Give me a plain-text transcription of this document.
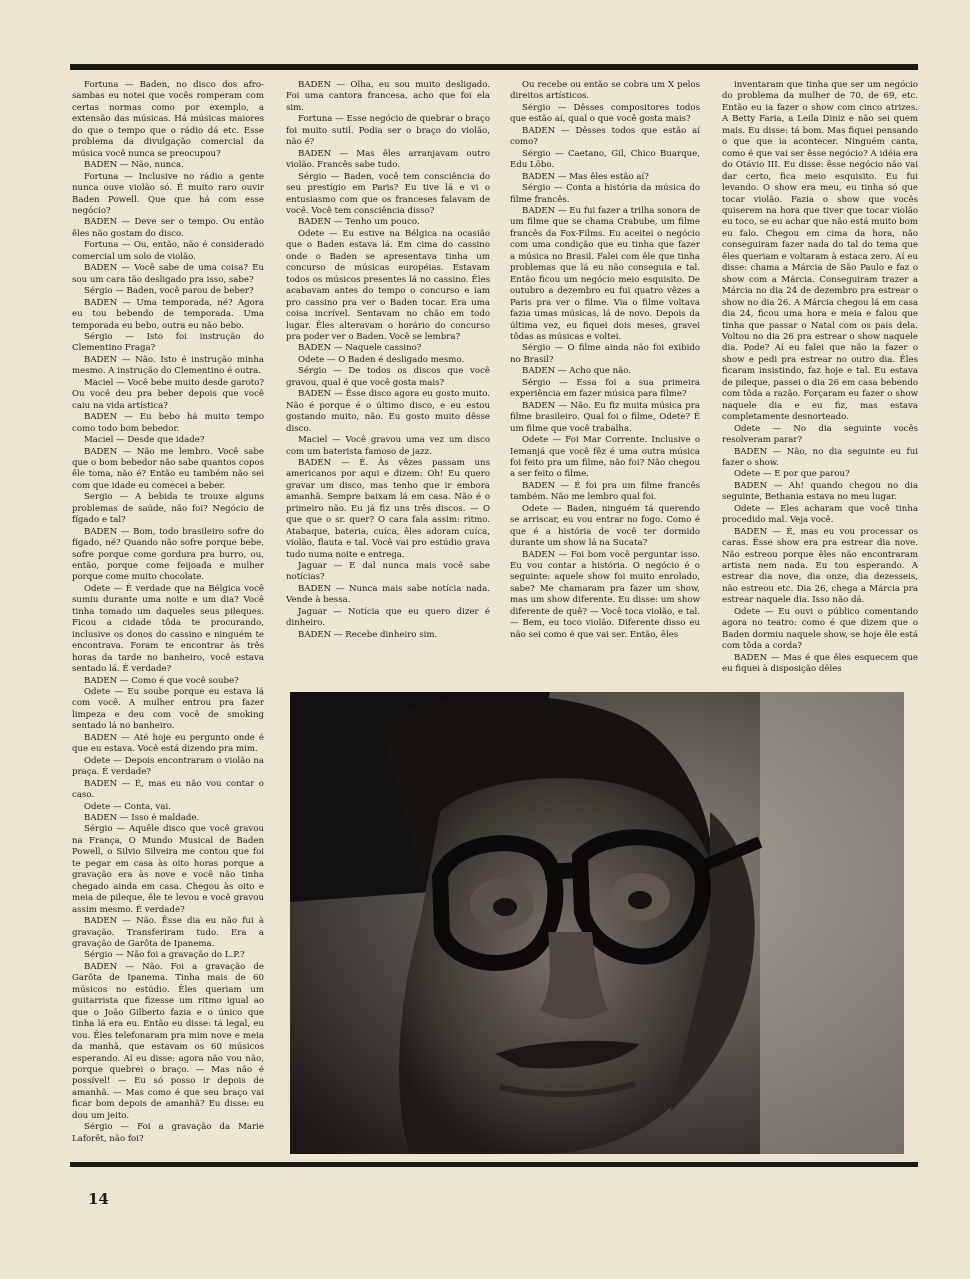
Fortuna — Baden, no disco dos afro-sambas eu notei que vocês romperam com certas normas como por exemplo, a extensão das músicas. Há músicas maiores do que o tempo que o rádio dá etc. Esse problema da divulgação comercial da música você nunca se preocupou?

BADEN — Não, nunca.

Fortuna — Inclusive no rádio a gente nunca ouve violão só. É muito raro ouvir Baden Powell. Que que há com esse negócio?

BADEN — Deve ser o tempo. Ou então êles não gostam do disco.

Fortuna — Ou, então, não é considerado comercial um solo de violão.

BADEN — Você sabe de uma coisa? Eu sou um cara tão desligado pra isso, sabe?

Sérgio — Baden, você parou de beber?

BADEN — Uma temporada, né? Agora eu tou bebendo de temporada. Uma temporada eu bebo, outra eu não bebo.

Sérgio — Isto foi instrução do Clementino Fraga?

BADEN — Não. Isto é instrução minha mesmo. A instrução do Clementino é outra.

Maciel — Você bebe muito desde garoto? Ou você deu pra beber depois que você caiu na vida artística?

BADEN — Eu bebo há muito tempo como todo bom bebedor.

Maciel — Desde que idade?

BADEN — Não me lembro. Você sabe que o bom bebedor não sabe quantos copos êle toma, não é? Então eu também não sei com que idade eu comecei a beber.

Sergio — A bebida te trouxe alguns problemas de saúde, não foi? Negócio de fígado e tal?

BADEN — Bom, todo brasileiro sofre do fígado, né? Quando não sofre porque bebe, sofre porque come gordura pra burro, ou, então, porque come feijoada e mulher porque come muito chocolate.

Odete — É verdade que na Bélgica você sumiu durante uma noite e um dia? Você tinha tomado um daqueles seus pileques. Ficou a cidade tôda te procurando, inclusive os donos do cassino e ninguém te encontrava. Foram te encontrar às três horas da tarde no banheiro, você estava sentado lá. É verdade?

BADEN — Como é que você soube?

Odete — Eu soube porque eu estava lá com você. A mulher entrou pra fazer limpeza e deu com você de smoking sentado lá no banheiro.

BADEN — Até hoje eu pergunto onde é que eu estava. Você está dizendo pra mim.

Odete — Depois encontraram o violão na praça. É verdade?

BADEN — É, mas eu não vou contar o caso.

Odete — Conta, vai.

BADEN — Isso é maldade.

Sérgio — Aquêle disco que você gravou na França, O Mundo Musical de Baden Powell, o Silvio Silveira me contou que foi te pegar em casa às oito horas porque a gravação era às nove e você não tinha chegado ainda em casa. Chegou às oito e meia de pileque, êle te levou e você gravou assim mesmo. É verdade?

BADEN — Não. Êsse dia eu não fui à gravação. Transferiram tudo. Era a gravação de Garôta de Ipanema.

Sérgio — Não foi a gravação do L.P.?

BADEN — Não. Foi a gravação de Garôta de Ipanema. Tinha mais de 60 músicos no estúdio. Êles queriam um guitarrista que fizesse um ritmo igual ao que o João Gilberto fazia e o único que tinha lá era eu. Então eu disse: tá legal, eu vou. Êles telefonaram pra mim nove e meia da manhã, que estavam os 60 músicos esperando. Aí eu disse: agora não vou não, porque quebrei o braço. — Mas não é possível! — Eu só posso ir depois de amanhã. — Mas como é que seu braço vai ficar bom depois de amanhã? Eu disse: eu dou um jeito.

Sérgio — Foi a gravação da Marie Laforêt, não foi?

BADEN — Olha, eu sou muito desligado. Foi uma cantora francesa, acho que foi ela sim.

Fortuna — Esse negócio de quebrar o braço foi muito sutil. Podia ser o braço do violão, não é?

BADEN — Mas êles arranjavam outro violão. Francês sabe tudo.

Sérgio — Baden, você tem consciência do seu prestígio em Paris? Eu tive lá e vi o entusiasmo com que os franceses falavam de você. Você tem consciência disso?

BADEN — Tenho um pouco.

Odete — Eu estive na Bélgica na ocasião que o Baden estava lá. Em cima do cassino onde o Baden se apresentava tinha um concurso de músicas européias. Estavam todos os músicos presentes lá no cassino. Êles acabavam antes do tempo o concurso e iam pro cassino pra ver o Baden tocar. Era uma coisa incrível. Sentavam no chão em todo lugar. Êles alteravam o horário do concurso pra poder ver o Baden. Você se lembra?

BADEN — Naquele cassino?

Odete — O Baden é desligado mesmo.

Sérgio — De todos os discos que você gravou, qual é que você gosta mais?

BADEN — Êsse disco agora eu gosto muito. Não é porque é o último disco, e eu estou gostando muito, não. Eu gosto muito dêsse disco.

Maciel — Você gravou uma vez um disco com um baterista famoso de jazz.

BADEN — É. Às vêzes passam uns americanos por aqui e dizem: Oh! Eu quero gravar um disco, mas tenho que ir embora amanhã. Sempre baixam lá em casa. Não é o primeiro não. Eu já fiz uns três discos. — O que que o sr. quer? O cara fala assim: ritmo. Atabaque, bateria, cuíca, êles adoram cuíca, violão, flauta e tal. Você vai pro estúdio grava tudo numa noite e entrega.

Jaguar — E dal nunca mais você sabe notícias?

BADEN — Nunca mais sabe notícia nada. Vende à bessa.

Jaguar — Notícia que eu quero dizer é dinheiro.

BADEN — Recebe dinheiro sim.

Ou recebe ou então se cobra um X pelos direitos artísticos.

Sérgio — Dêsses compositores todos que estão aí, qual o que você gosta mais?

BADEN — Dêsses todos que estão aí como?

Sérgio — Caetano, Gil, Chico Buarque, Edu Lôbo.

BADEN — Mas êles estão aí?

Sérgio — Conta a história da música do filme francês.

BADEN — Eu fui fazer a trilha sonora de um filme que se chama Crabube, um filme francês da Fox-Films. Eu aceitei o negócio com uma condição que eu tinha que fazer a música no Brasil. Falei com êle que tinha problemas que lá eu não conseguia e tal. Então ficou um negócio meio esquisito. De outubro a dezembro eu fui quatro vêzes a Paris pra ver o filme. Via o filme voltava fazia umas músicas, lá de novo. Depois da última vez, eu fiquei dois meses, gravei tôdas as músicas e voltei.

Sérgio — O filme ainda não foi exibido no Brasil?

BADEN — Acho que não.

Sérgio — Essa foi a sua primeira experiência em fazer música para filme?

BADEN — Não. Eu fiz muita música pra filme brasileiro. Qual foi o filme, Odete? É um filme que você trabalha.

Odete — Foi Mar Corrente. Inclusive o Iemanjá que você fêz é uma outra música foi feito pra um filme, não foi? Não chegou a ser feito o filme.

BADEN — É foi pra um filme francês também. Não me lembro qual foi.

Odete — Baden, ninguém tá querendo se arriscar, eu vou entrar no fogo. Como é que é a história de você ter dormido durante um show lá na Sucata?

BADEN — Foi bom você perguntar isso. Eu vou contar a história. O negócio é o seguinte: aquele show foi muito enrolado, sabe? Me chamaram pra fazer um show, mas um show diferente. Eu disse: um show diferente de quê? — Você toca violão, e tal. — Bem, eu toco violão. Diferente disso eu não sei como é que vai ser. Então, êles

inventaram que tinha que ser um negócio do problema da mulher de 70, de 69, etc. Então eu ia fazer o show com cinco atrizes. A Betty Faria, a Leila Diniz e não sei quem mais. Eu disse: tá bom. Mas fiquei pensando o que que ia acontecer. Ninguém canta, como é que vai ser êsse negócio? A idéia era do Otávio III. Eu disse: êsse negócio não vai dar certo, fica meio esquisito. Eu fui levando. O show era meu, eu tinha só que tocar violão. Fazia o show que vocês quiserem na hora que tiver que tocar violão eu toco, se eu achar que não está muito bom eu falo. Chegou em cima da hora, não conseguiram fazer nada do tal do tema que êles queriam e voltaram à estaca zero. Aí eu disse: chama a Márcia de São Paulo e faz o show com a Márcia. Conseguiram trazer a Márcia no dia 24 de dezembro pra estrear o show no dia 26. A Márcia chegou lá em casa dia 24, ficou uma hora e meia e falou que tinha que passar o Natal com os pais dela. Voltou no dia 26 pra estrear o show naquele dia. Pode? Aí eu falei que não ia fazer o show e pedi pra estrear no outro dia. Êles ficaram insistindo, faz hoje e tal. Eu estava de pileque, passei o dia 26 em casa bebendo com tôda a razão. Forçaram eu fazer o show naquele dia e eu fiz, mas estava completamente desnorteado.

Odete — No dia seguinte vocês resolveram parar?

BADEN — Não, no dia seguinte eu fui fazer o show.

Odete — E por que parou?

BADEN — Ah! quando chegou no dia seguinte, Bethania estava no meu lugar.

Odete — Eles acharam que você tinha procedido mal. Veja você.

BADEN — É, mas eu vou processar os caras. Êsse show era pra estrear dia nove. Não estreou porque êles não encontraram artista nem nada. Eu tou esperando. A estrear dia nove, dia onze, dia dezesseis, não estreou etc. Dia 26, chega a Márcia pra estrear naquele dia. Isso não dá.

Odete — Eu ouvi o público comentando agora no teatro: como é que dizem que o Baden dormiu naquele show, se hoje êle está com tôda a corda?

BADEN — Mas é que êles esquecem que eu fiquei à disposição dêles

14
